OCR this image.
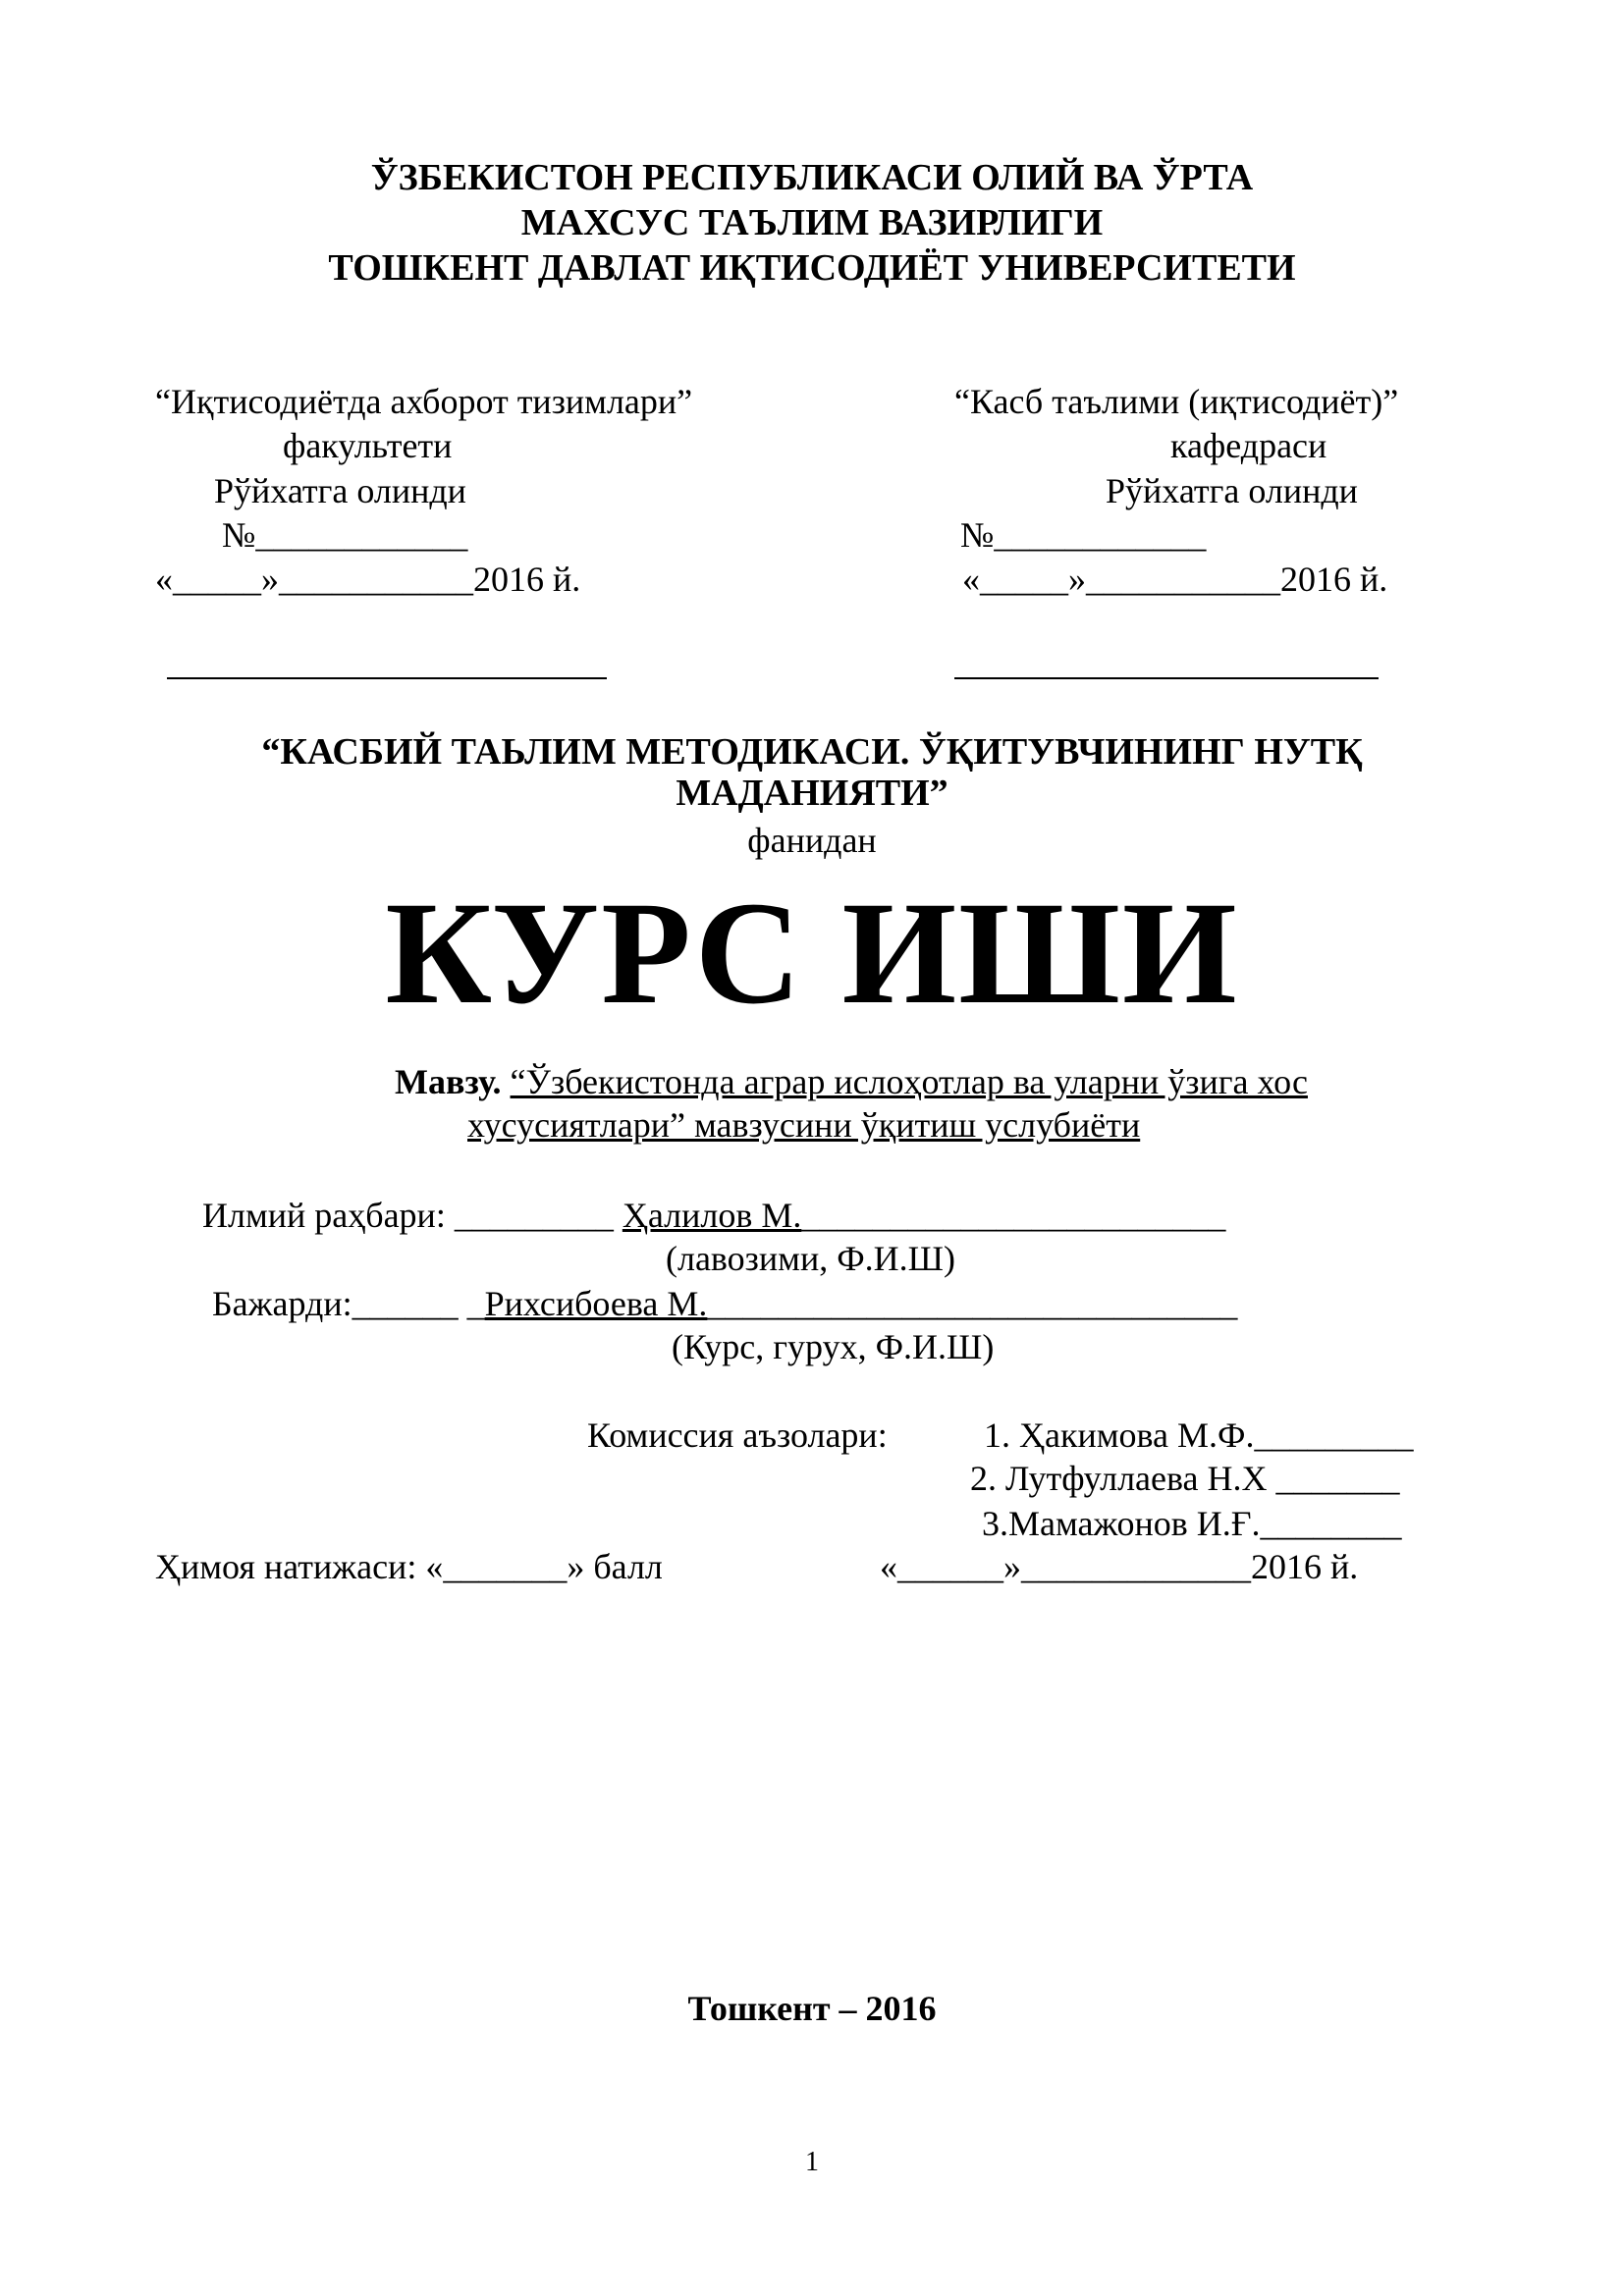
ЎЗБЕКИСТОН РЕСПУБЛИКАСИ ОЛИЙ ВА ЎРТА
МАХСУС ТАЪЛИМ ВАЗИРЛИГИ
ТОШКЕНТ ДАВЛАТ ИҚТИСОДИЁТ УНИВЕРСИТЕТИ
“Иқтисодиётда ахборот тизимлари”
факультети
Рўйхатга олинди
№____________
«_____»___________2016 й.
“Касб таълими (иқтисодиёт)”
кафедраси
Рўйхатга олинди
№____________
«_____»___________2016 й.
“КАСБИЙ ТАЬЛИМ МЕТОДИКАСИ. ЎҚИТУВЧИНИНГ НУТҚ
МАДАНИЯТИ”
фанидан
КУРС ИШИ
Мавзу. “Ўзбекистонда аграр ислоҳотлар ва уларни ўзига хос
хусусиятлари” мавзусини ўқитиш услубиёти
Илмий раҳбари: _________ Ҳалилов М.________________________
(лавозими, Ф.И.Ш)
Бажарди:______ _Рихсибоева М.______________________________
(Курс, гурух, Ф.И.Ш)
Комиссия аъзолари:	1. Ҳакимова М.Ф._________
2. Лутфуллаева Н.Х _______
3.Мамажонов И.Ғ.________
Ҳимоя натижаси: «_______» балл	«______»_____________2016 й.
Тошкент – 2016
1
